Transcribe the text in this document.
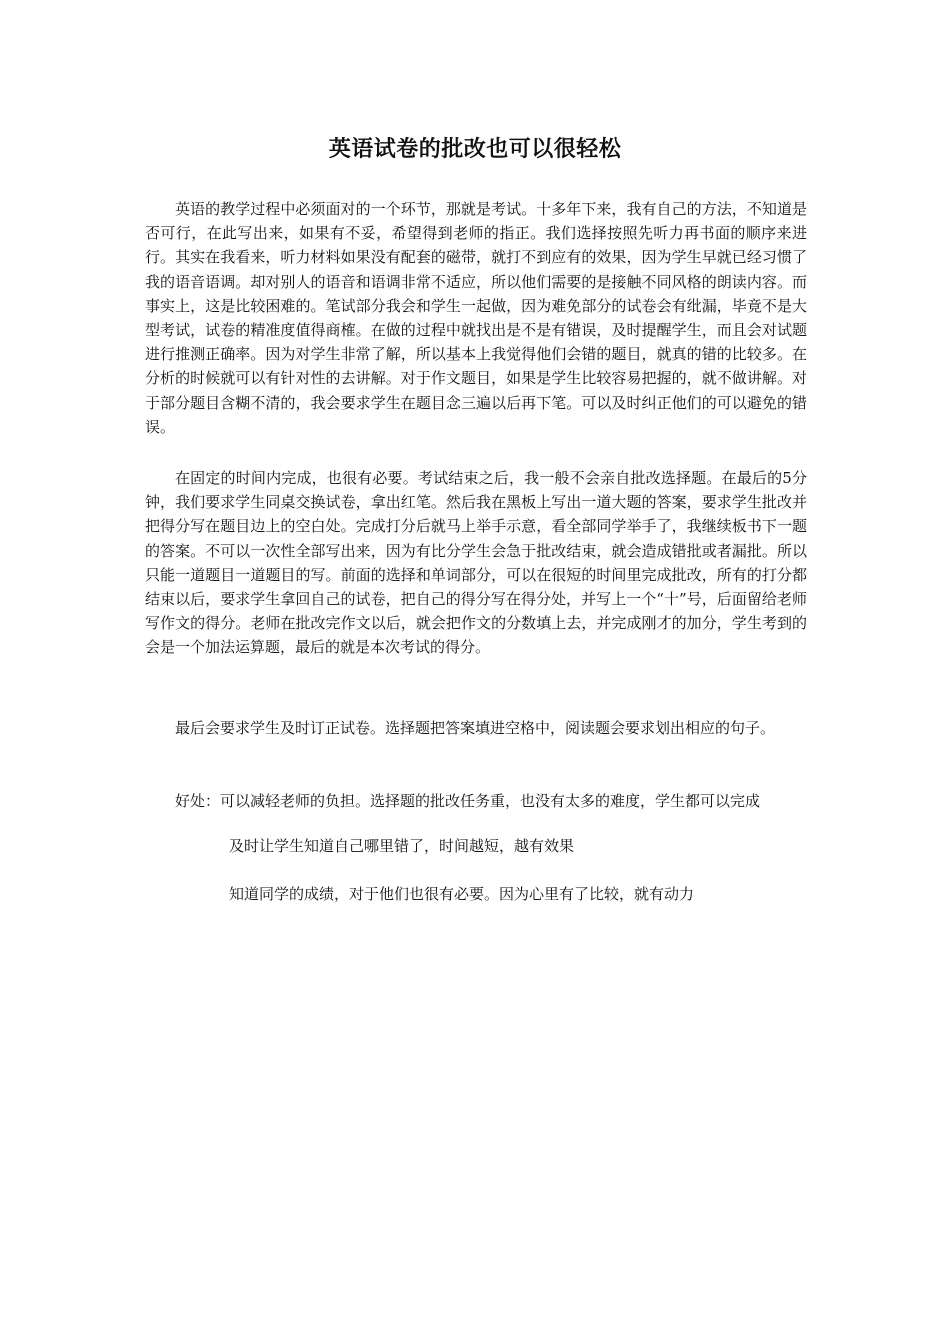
英语试卷的批改也可以很轻松

英语的教学过程中必须面对的一个环节，那就是考试。十多年下来，我有自己的方法，不知道是否可行，在此写出来，如果有不妥，希望得到老师的指正。我们选择按照先听力再书面的顺序来进行。其实在我看来，听力材料如果没有配套的磁带，就打不到应有的效果，因为学生早就已经习惯了我的语音语调。却对别人的语音和语调非常不适应，所以他们需要的是接触不同风格的朗读内容。而事实上，这是比较困难的。笔试部分我会和学生一起做，因为难免部分的试卷会有纰漏，毕竟不是大型考试，试卷的精准度值得商榷。在做的过程中就找出是不是有错误，及时提醒学生，而且会对试题进行推测正确率。因为对学生非常了解，所以基本上我觉得他们会错的题目，就真的错的比较多。在分析的时候就可以有针对性的去讲解。对于作文题目，如果是学生比较容易把握的，就不做讲解。对于部分题目含糊不清的，我会要求学生在题目念三遍以后再下笔。可以及时纠正他们的可以避免的错误。

在固定的时间内完成，也很有必要。考试结束之后，我一般不会亲自批改选择题。在最后的5分钟，我们要求学生同桌交换试卷，拿出红笔。然后我在黑板上写出一道大题的答案，要求学生批改并把得分写在题目边上的空白处。完成打分后就马上举手示意，看全部同学举手了，我继续板书下一题的答案。不可以一次性全部写出来，因为有比分学生会急于批改结束，就会造成错批或者漏批。所以只能一道题目一道题目的写。前面的选择和单词部分，可以在很短的时间里完成批改，所有的打分都结束以后，要求学生拿回自己的试卷，把自己的得分写在得分处，并写上一个“十”号，后面留给老师写作文的得分。老师在批改完作文以后，就会把作文的分数填上去，并完成刚才的加分，学生考到的会是一个加法运算题，最后的就是本次考试的得分。

最后会要求学生及时订正试卷。选择题把答案填进空格中，阅读题会要求划出相应的句子。

好处：可以减轻老师的负担。选择题的批改任务重，也没有太多的难度，学生都可以完成

及时让学生知道自己哪里错了，时间越短，越有效果

知道同学的成绩，对于他们也很有必要。因为心里有了比较，就有动力
